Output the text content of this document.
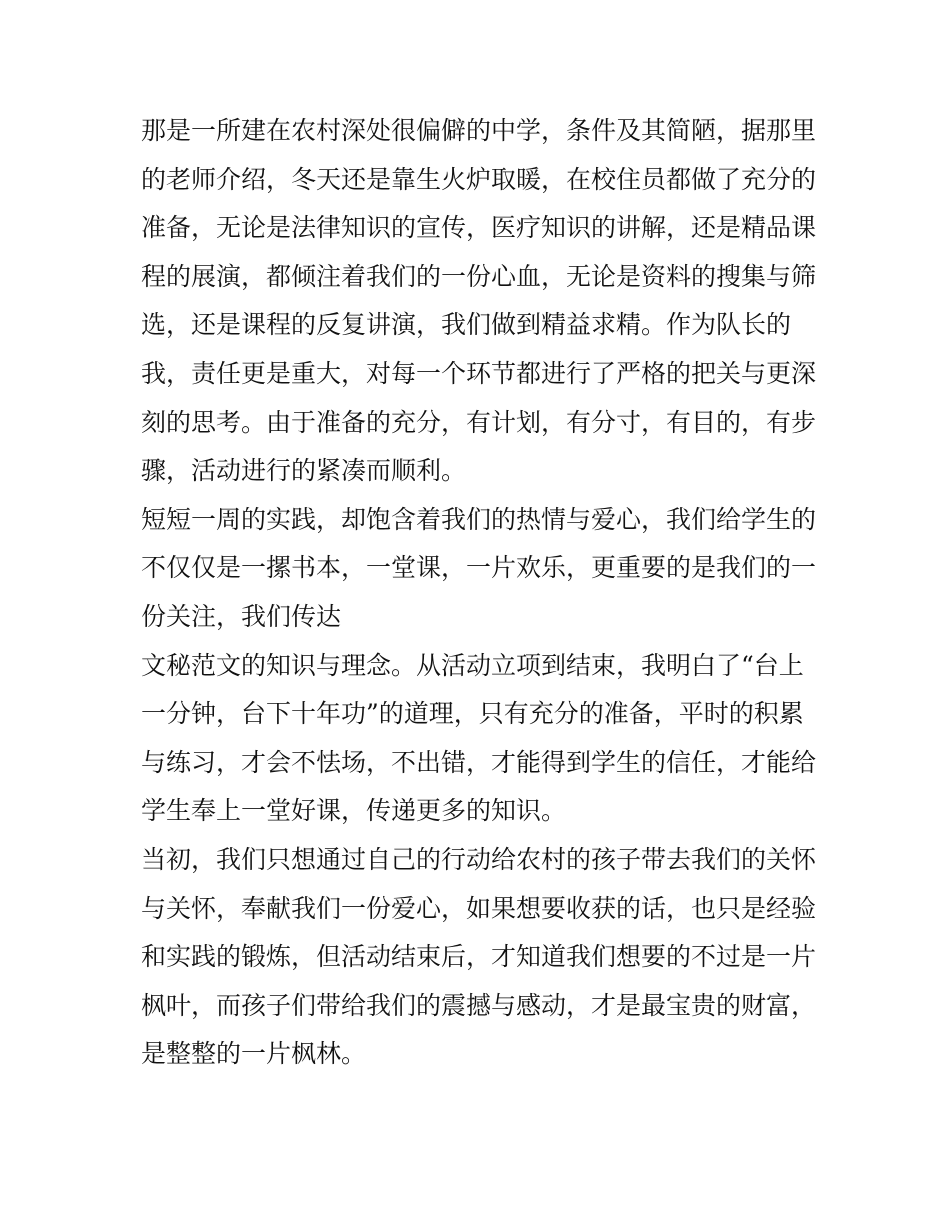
那是一所建在农村深处很偏僻的中学，条件及其简陋，据那里
的老师介绍，冬天还是靠生火炉取暖，在校住员都做了充分的
准备，无论是法律知识的宣传，医疗知识的讲解，还是精品课
程的展演，都倾注着我们的一份心血，无论是资料的搜集与筛
选，还是课程的反复讲演，我们做到精益求精。作为队长的
我，责任更是重大，对每一个环节都进行了严格的把关与更深
刻的思考。由于准备的充分，有计划，有分寸，有目的，有步
骤，活动进行的紧凑而顺利。
短短一周的实践，却饱含着我们的热情与爱心，我们给学生的
不仅仅是一摞书本，一堂课，一片欢乐，更重要的是我们的一
份关注，我们传达
文秘范文的知识与理念。从活动立项到结束，我明白了“台上
一分钟，台下十年功”的道理，只有充分的准备，平时的积累
与练习，才会不怯场，不出错，才能得到学生的信任，才能给
学生奉上一堂好课，传递更多的知识。
当初，我们只想通过自己的行动给农村的孩子带去我们的关怀
与关怀，奉献我们一份爱心，如果想要收获的话，也只是经验
和实践的锻炼，但活动结束后，才知道我们想要的不过是一片
枫叶，而孩子们带给我们的震撼与感动，才是最宝贵的财富，
是整整的一片枫林。
